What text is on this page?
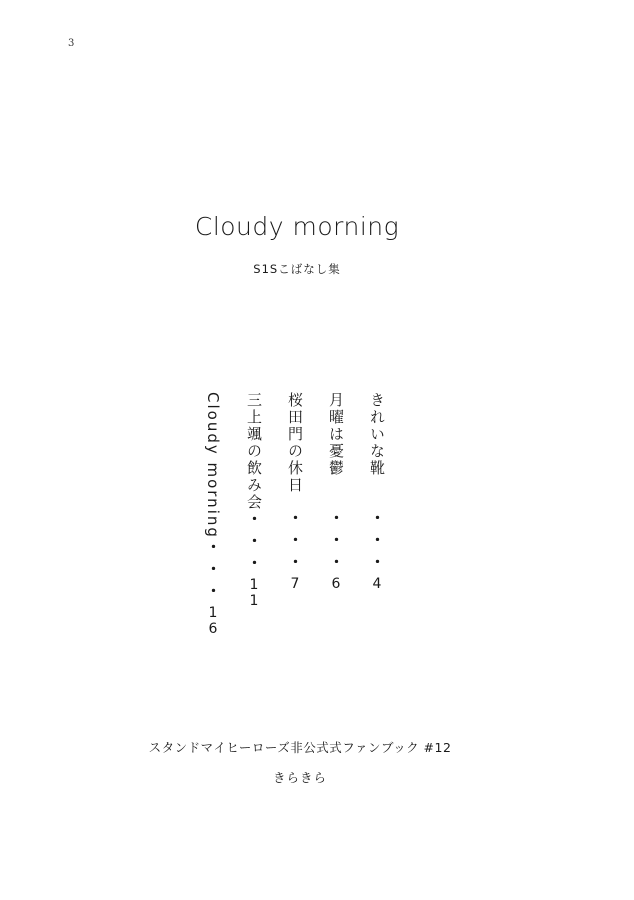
3
Cloudy morning
S1Sこばなし集
きれいな靴
・・・4
月曜は憂鬱
・・・6
桜田門の休日
・・・7
三上颯の飲み会
・・・11
Cloudy morning
・・・16
スタンドマイヒーローズ非公式式ファンブック #12
きらきら
